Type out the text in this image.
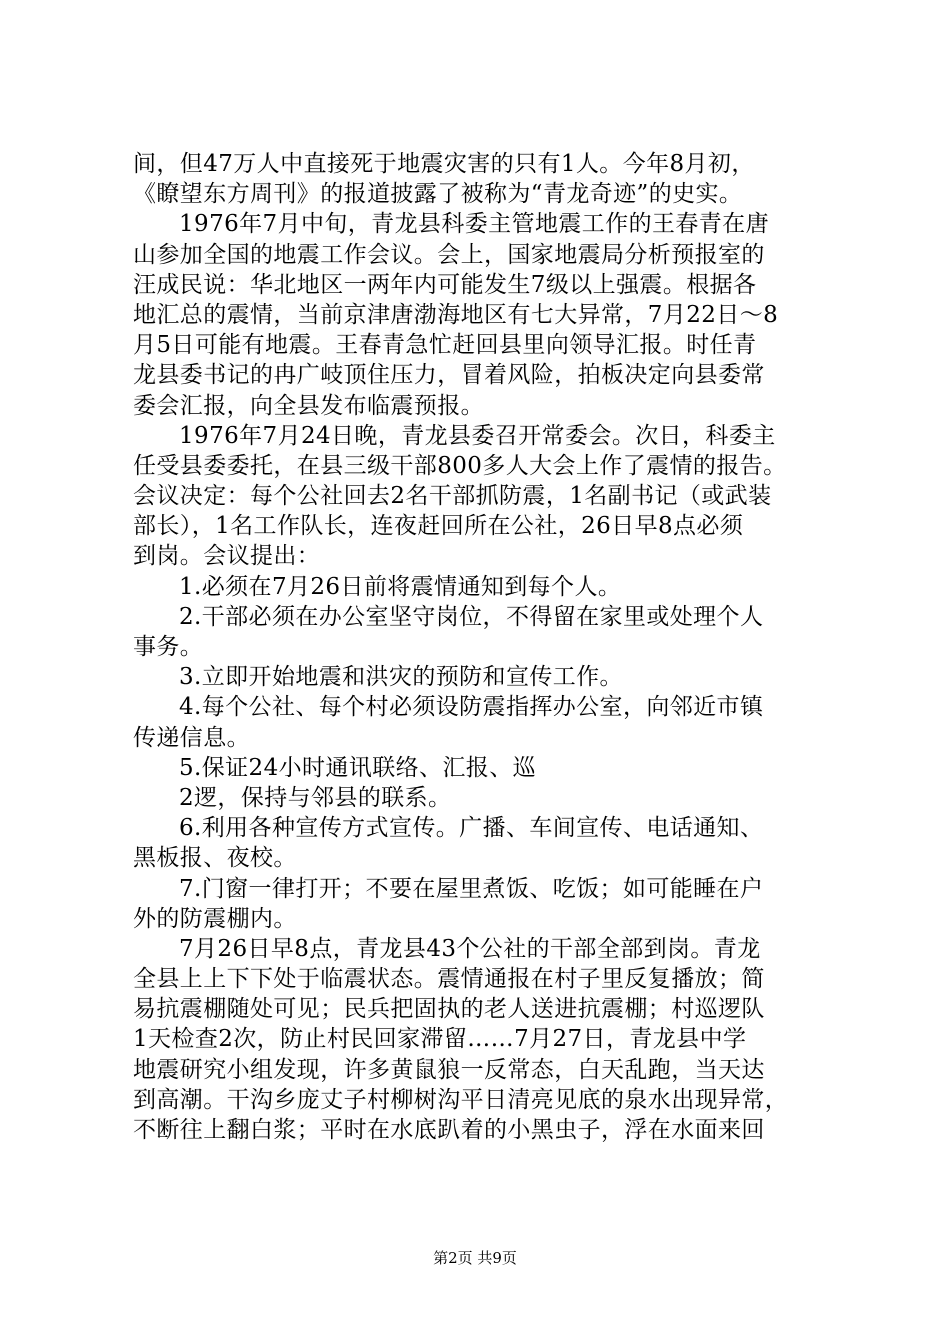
间，但47万人中直接死于地震灾害的只有1人。今年8月初，
《瞭望东方周刊》的报道披露了被称为“青龙奇迹”的史实。
1976年7月中旬，青龙县科委主管地震工作的王春青在唐
山参加全国的地震工作会议。会上，国家地震局分析预报室的
汪成民说：华北地区一两年内可能发生7级以上强震。根据各
地汇总的震情，当前京津唐渤海地区有七大异常，7月22日～8
月5日可能有地震。王春青急忙赶回县里向领导汇报。时任青
龙县委书记的冉广岐顶住压力，冒着风险，拍板决定向县委常
委会汇报，向全县发布临震预报。
1976年7月24日晚，青龙县委召开常委会。次日，科委主
任受县委委托，在县三级干部800多人大会上作了震情的报告。
会议决定：每个公社回去2名干部抓防震，1名副书记（或武装
部长），1名工作队长，连夜赶回所在公社，26日早8点必须
到岗。会议提出：
1.必须在7月26日前将震情通知到每个人。
2.干部必须在办公室坚守岗位，不得留在家里或处理个人
事务。
3.立即开始地震和洪灾的预防和宣传工作。
4.每个公社、每个村必须设防震指挥办公室，向邻近市镇
传递信息。
5.保证24小时通讯联络、汇报、巡
2逻，保持与邻县的联系。
6.利用各种宣传方式宣传。广播、车间宣传、电话通知、
黑板报、夜校。
7.门窗一律打开；不要在屋里煮饭、吃饭；如可能睡在户
外的防震棚内。
7月26日早8点，青龙县43个公社的干部全部到岗。青龙
全县上上下下处于临震状态。震情通报在村子里反复播放；简
易抗震棚随处可见；民兵把固执的老人送进抗震棚；村巡逻队
1天检查2次，防止村民回家滞留……7月27日，青龙县中学
地震研究小组发现，许多黄鼠狼一反常态，白天乱跑，当天达
到高潮。干沟乡庞丈子村柳树沟平日清亮见底的泉水出现异常，
不断往上翻白浆；平时在水底趴着的小黑虫子，浮在水面来回
第2页 共9页
